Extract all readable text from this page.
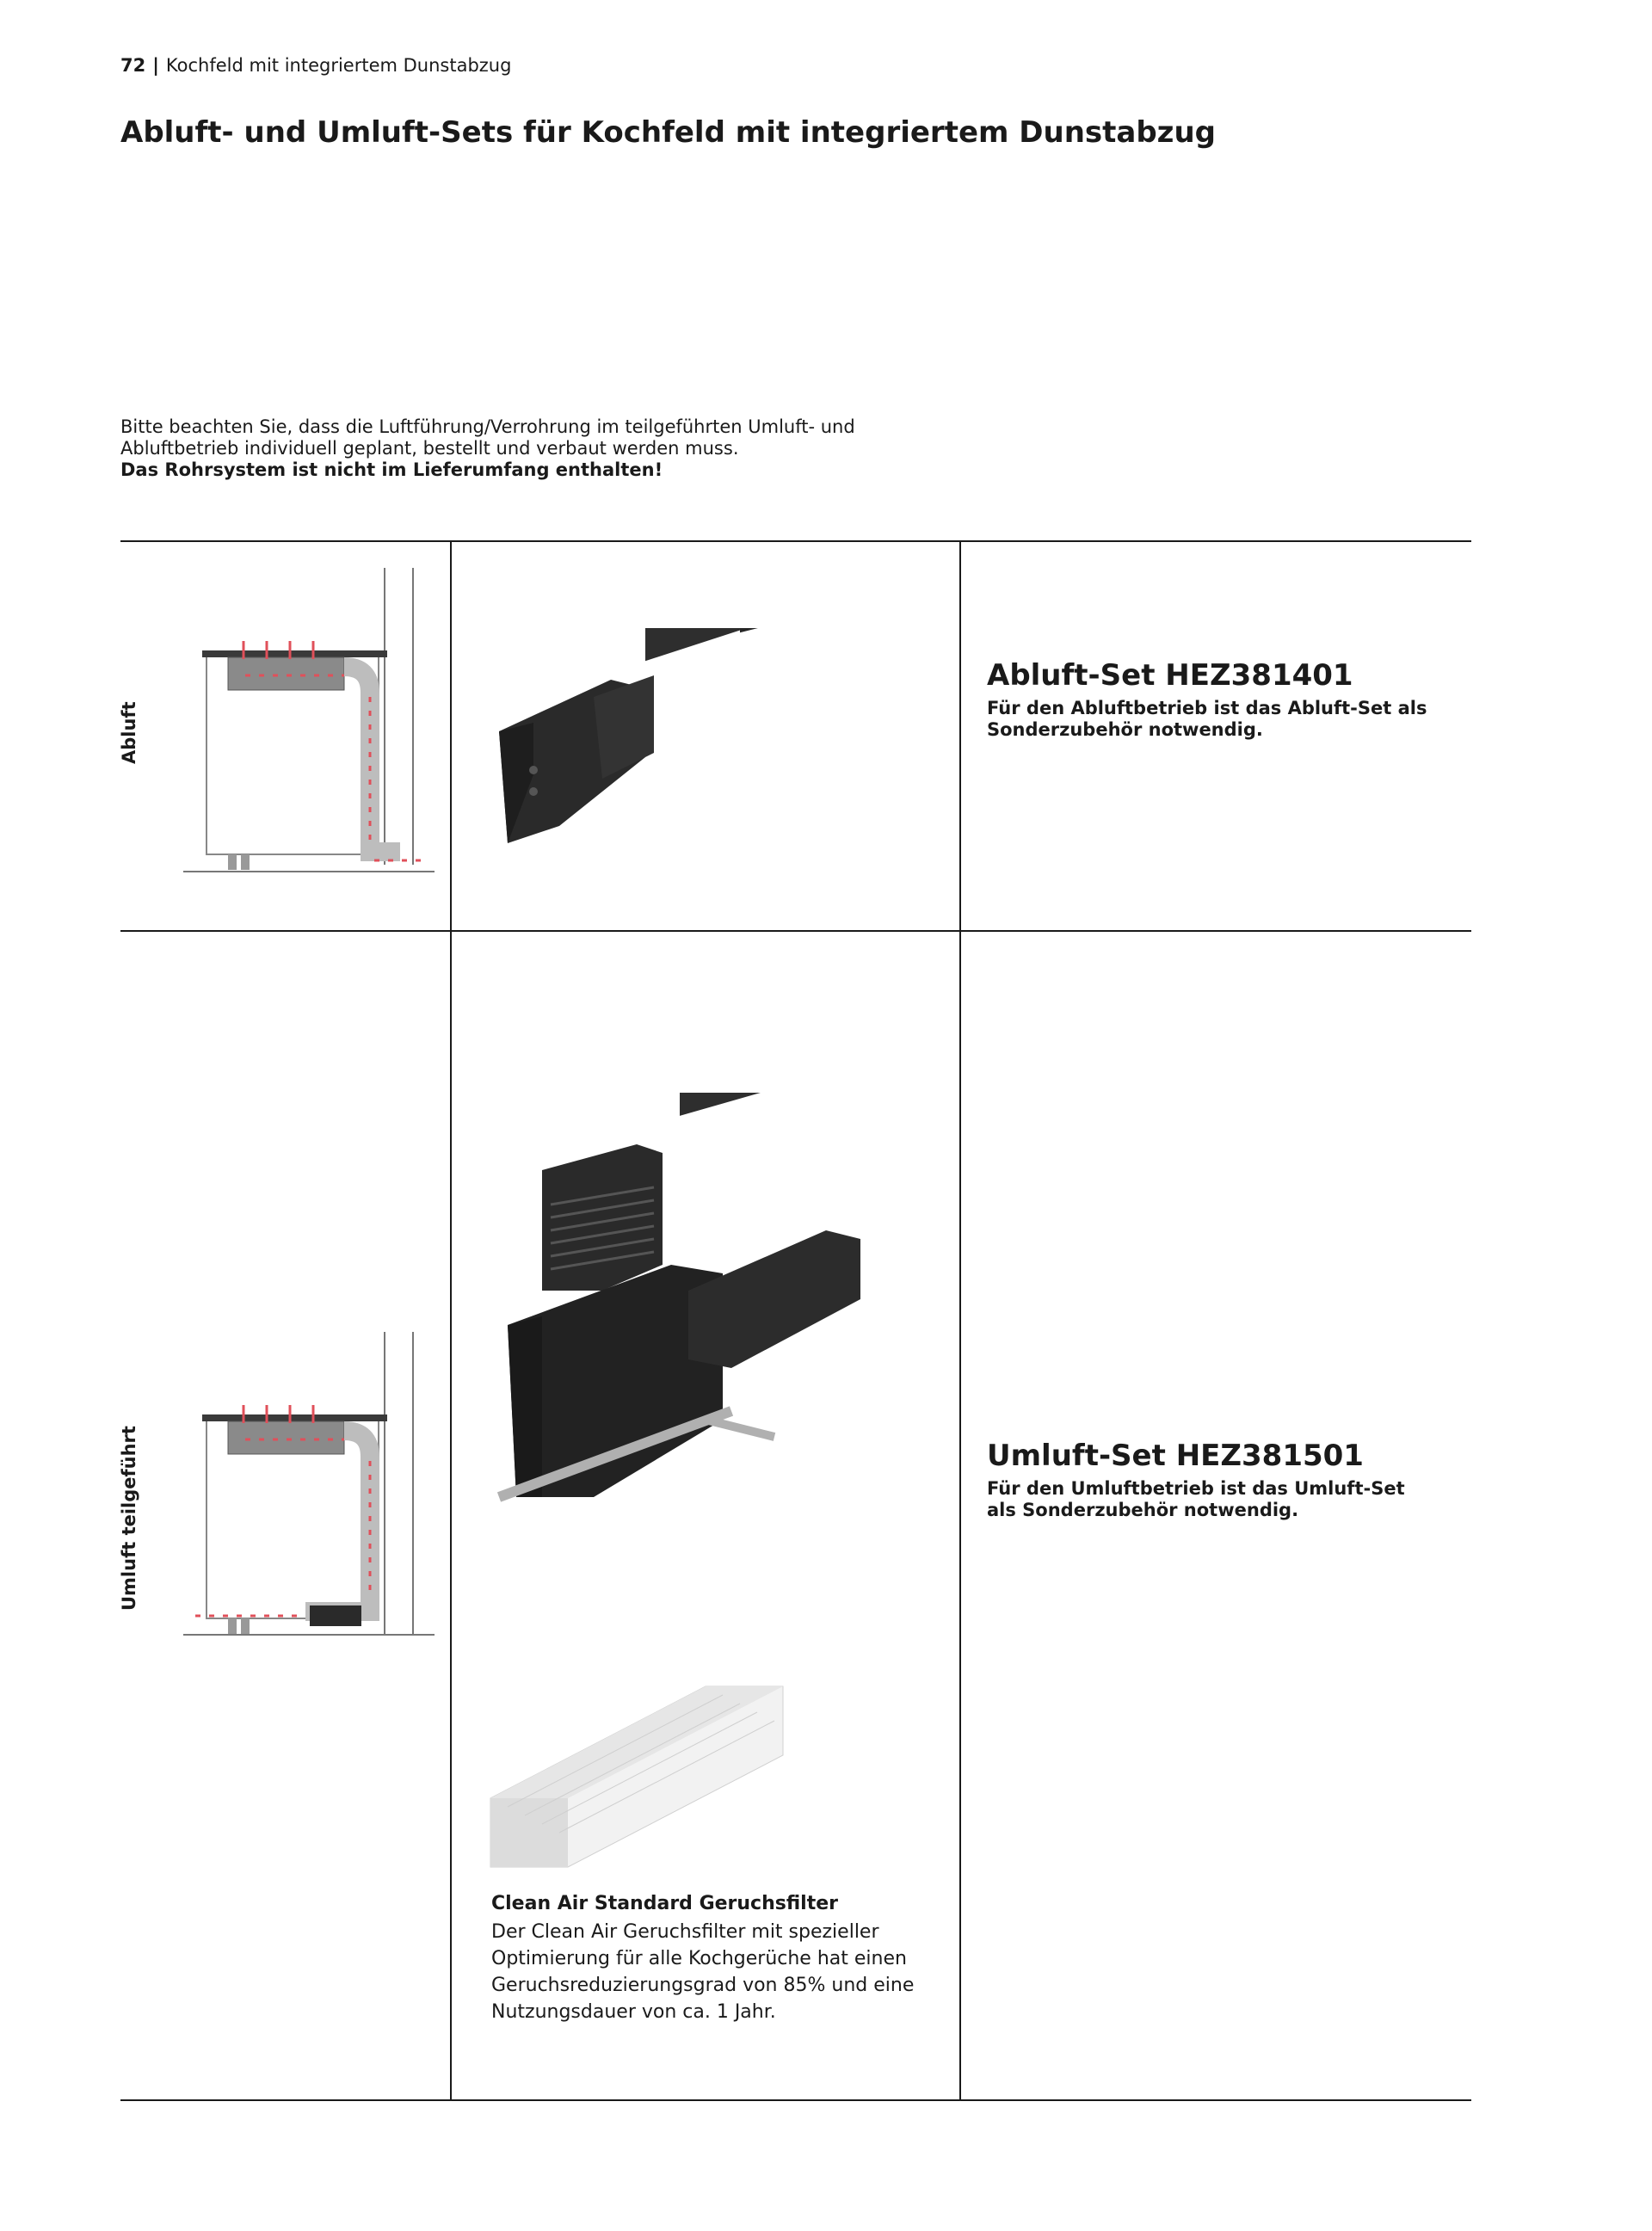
72 | Kochfeld mit integriertem Dunstabzug
Abluft- und Umluft-Sets für Kochfeld mit integriertem Dunstabzug
Bitte beachten Sie, dass die Luftführung/Verrohrung im teilgeführten Umluft- und Abluftbetrieb individuell geplant, bestellt und verbaut werden muss.
Das Rohrsystem ist nicht im Lieferumfang enthalten!
Abluft
Umluft teilgeführt
Abluft-Set HEZ381401
Für den Abluftbetrieb ist das Abluft-Set als Sonderzubehör notwendig.
Clean Air Standard Geruchsfilter
Der Clean Air Geruchsfilter mit spezieller Optimierung für alle Kochgerüche hat einen Geruchsreduzierungsgrad von 85% und eine Nutzungsdauer von ca. 1 Jahr.
Umluft-Set HEZ381501
Für den Umluftbetrieb ist das Umluft-Set als Sonderzubehör notwendig.
